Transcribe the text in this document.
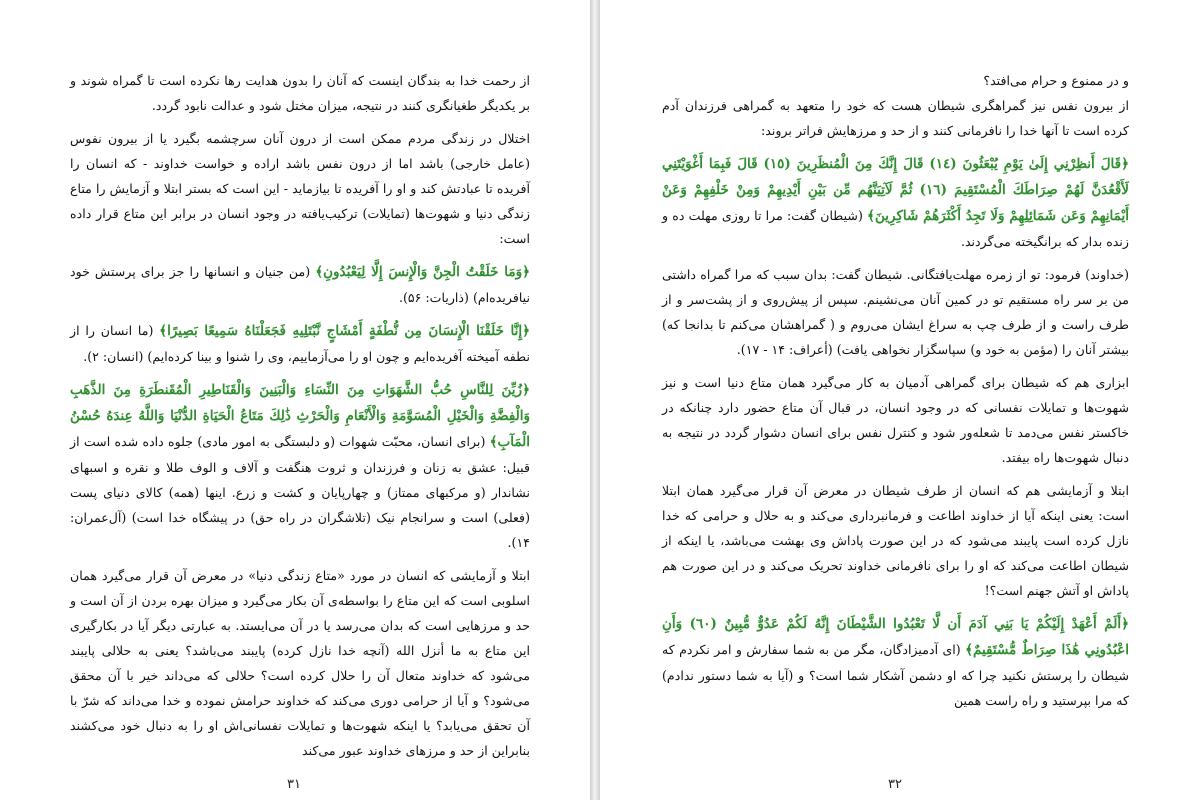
از رحمت خدا به بندگان اینست که آنان را بدون هدایت رها نکرده است تا گمراه شوند و بر یکدیگر طغیانگری کنند در نتیجه، میزان مختل شود و عدالت نابود گردد.

اختلال در زندگی مردم ممکن است از درون آنان سرچشمه بگیرد یا از بیرون نفوس (عامل خارجی) باشد اما از درون نفس باشد اراده و خواست خداوند - که انسان را آفریده تا عبادتش کند و او را آفریده تا بیازماید - این است که بستر ابتلا و آزمایش را متاع زندگی دنیا و شهوت‌ها (تمایلات) ترکیب‌یافته در وجود انسان در برابر این متاع قرار داده است:

﴿وَمَا خَلَقْتُ الْجِنَّ وَالْإِنسَ إِلَّا لِيَعْبُدُونِ﴾ (من جنیان و انسانها را جز برای پرستش خود نیافریده‌ام) (ذاریات: ۵۶).

﴿إِنَّا خَلَقْنَا الْإِنسَانَ مِن نُّطْفَةٍ أَمْشَاجٍ نَّبْتَلِيهِ فَجَعَلْنَاهُ سَمِيعًا بَصِيرًا﴾ (ما انسان را از نطفه آمیخته آفریده‌ایم و چون او را می‌آزماییم، وی را شنوا و بینا کرده‌ایم) (انسان: ۲).

﴿زُيِّنَ لِلنَّاسِ حُبُّ الشَّهَوَاتِ مِنَ النِّسَاءِ وَالْبَنِينَ وَالْقَنَاطِيرِ الْمُقَنطَرَةِ مِنَ الذَّهَبِ وَالْفِضَّةِ وَالْخَيْلِ الْمُسَوَّمَةِ وَالْأَنْعَامِ وَالْحَرْثِ ذَٰلِكَ مَتَاعُ الْحَيَاةِ الدُّنْيَا وَاللَّهُ عِندَهُ حُسْنُ الْمَآبِ﴾ (برای انسان، محبّت شهوات (و دلبستگی به امور مادی) جلوه داده شده است از قبیل: عشق به زنان و فرزندان و ثروت هنگفت و آلاف و الوف طلا و نقره و اسبهای نشاندار (و مرکبهای ممتاز) و چهارپایان و کشت و زرع. اینها (همه) کالای دنیای پست (فعلی) است و سرانجام نیک (تلاشگران در راه حق) در پیشگاه خدا است) (آل‌عمران: ۱۴).

ابتلا و آزمایشی که انسان در مورد «متاع زندگی دنیا» در معرض آن قرار می‌گیرد همان اسلوبی است که این متاع را بواسطه‌ی آن بکار می‌گیرد و میزان بهره بردن از آن است و حد و مرزهایی است که بدان می‌رسد یا در آن می‌ایستد. به عبارتی دیگر آیا در بکارگیری این متاع به ما أنزل الله (آنچه خدا نازل کرده) پایبند می‌باشد؟ یعنی به حلالی پایبند می‌شود که خداوند متعال آن را حلال کرده است؟ حلالی که می‌داند خیر با آن محقق می‌شود؟ و آیا از حرامی دوری می‌کند که خداوند حرامش نموده و خدا می‌داند که شرّ با آن تحقق می‌یابد؟ یا اینکه شهوت‌ها و تمایلات نفسانی‌اش او را به دنبال خود می‌کشند بنابراین از حد و مرزهای خداوند عبور می‌کند

۳۱

و در ممنوع و حرام می‌افتد؟

از بیرون نفس نیز گمراهگری شیطان هست که خود را متعهد به گمراهی فرزندان آدم کرده است تا آنها خدا را نافرمانی کنند و از حد و مرزهایش فراتر بروند:

﴿قَالَ أَنظِرْنِي إِلَىٰ يَوْمِ يُبْعَثُونَ (١٤) قَالَ إِنَّكَ مِنَ الْمُنظَرِينَ (١٥) قَالَ فَبِمَا أَغْوَيْتَنِي لَأَقْعُدَنَّ لَهُمْ صِرَاطَكَ الْمُسْتَقِيمَ (١٦) ثُمَّ لَآتِيَنَّهُم مِّن بَيْنِ أَيْدِيهِمْ وَمِنْ خَلْفِهِمْ وَعَنْ أَيْمَانِهِمْ وَعَن شَمَائِلِهِمْ وَلَا تَجِدُ أَكْثَرَهُمْ شَاكِرِينَ﴾ (شیطان گفت: مرا تا روزی مهلت ده و زنده بدار که برانگیخته می‌گردند.

(خداوند) فرمود: تو از زمره مهلت‌یافتگانی. شیطان گفت: بدان سبب که مرا گمراه داشتی من بر سر راه مستقیم تو در کمین آنان می‌نشینم. سپس از پیش‌روی و از پشت‌سر و از طرف راست و از طرف چپ به سراغ ایشان می‌روم و ( گمراهشان می‌کنم تا بدانجا که) بیشتر آنان را (مؤمن به خود و) سپاسگزار نخواهی یافت) (أعراف: ۱۴ - ۱۷).

ابزاری هم که شیطان برای گمراهی آدمیان به کار می‌گیرد همان متاع دنیا است و نیز شهوت‌ها و تمایلات نفسانی که در وجود انسان، در قبال آن متاع حضور دارد چنانکه در خاکستر نفس می‌دمد تا شعله‌ور شود و کنترل نفس برای انسان دشوار گردد در نتیجه به دنبال شهوت‌ها راه بیفتد.

ابتلا و آزمایشی هم که انسان از طرف شیطان در معرض آن قرار می‌گیرد همان ابتلا است: یعنی اینکه آیا از خداوند اطاعت و فرمانبرداری می‌کند و به حلال و حرامی که خدا نازل کرده است پایبند می‌شود که در این صورت پاداش وی بهشت می‌باشد، یا اینکه از شیطان اطاعت می‌کند که او را برای نافرمانی خداوند تحریک می‌کند و در این صورت هم پاداش او آتش جهنم است؟!

﴿أَلَمْ أَعْهَدْ إِلَيْكُمْ يَا بَنِي آدَمَ أَن لَّا تَعْبُدُوا الشَّيْطَانَ إِنَّهُ لَكُمْ عَدُوٌّ مُّبِينٌ (٦٠) وَأَنِ اعْبُدُونِي هَٰذَا صِرَاطٌ مُّسْتَقِيمٌ﴾ (ای آدمیزادگان، مگر من به شما سفارش و امر نکردم که شیطان را پرستش نکنید چرا که او دشمن آشکار شما است؟ و (آیا به شما دستور ندادم) که مرا بپرستید و راه راست همین

۳۲
